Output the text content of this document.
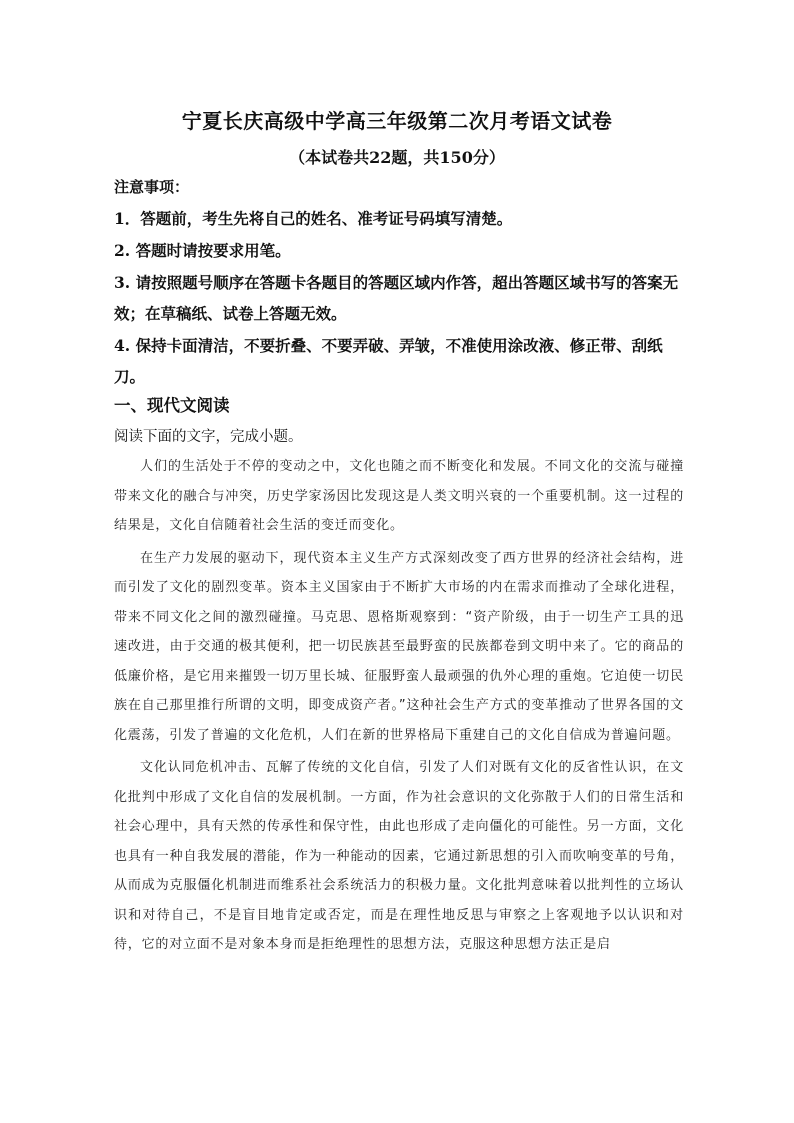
宁夏长庆高级中学高三年级第二次月考语文试卷
（本试卷共22题，共150分）
注意事项：
1．答题前，考生先将自己的姓名、准考证号码填写清楚。
2. 答题时请按要求用笔。
3. 请按照题号顺序在答题卡各题目的答题区域内作答，超出答题区域书写的答案无效；在草稿纸、试卷上答题无效。
4. 保持卡面清洁，不要折叠、不要弄破、弄皱，不准使用涂改液、修正带、刮纸刀。
一、现代文阅读
阅读下面的文字，完成小题。

人们的生活处于不停的变动之中，文化也随之而不断变化和发展。不同文化的交流与碰撞带来文化的融合与冲突，历史学家汤因比发现这是人类文明兴衰的一个重要机制。这一过程的结果是，文化自信随着社会生活的变迁而变化。

在生产力发展的驱动下，现代资本主义生产方式深刻改变了西方世界的经济社会结构，进而引发了文化的剧烈变革。资本主义国家由于不断扩大市场的内在需求而推动了全球化进程，带来不同文化之间的激烈碰撞。马克思、恩格斯观察到：“资产阶级，由于一切生产工具的迅速改进，由于交通的极其便利，把一切民族甚至最野蛮的民族都卷到文明中来了。它的商品的低廉价格，是它用来摧毁一切万里长城、征服野蛮人最顽强的仇外心理的重炮。它迫使一切民族在自己那里推行所谓的文明，即变成资产者。”这种社会生产方式的变革推动了世界各国的文化震荡，引发了普遍的文化危机，人们在新的世界格局下重建自己的文化自信成为普遍问题。

文化认同危机冲击、瓦解了传统的文化自信，引发了人们对既有文化的反省性认识，在文化批判中形成了文化自信的发展机制。一方面，作为社会意识的文化弥散于人们的日常生活和社会心理中，具有天然的传承性和保守性，由此也形成了走向僵化的可能性。另一方面，文化也具有一种自我发展的潜能，作为一种能动的因素，它通过新思想的引入而吹响变革的号角，从而成为克服僵化机制进而维系社会系统活力的积极力量。文化批判意味着以批判性的立场认识和对待自己，不是盲目地肯定或否定，而是在理性地反思与审察之上客观地予以认识和对待，它的对立面不是对象本身而是拒绝理性的思想方法，克服这种思想方法正是启
